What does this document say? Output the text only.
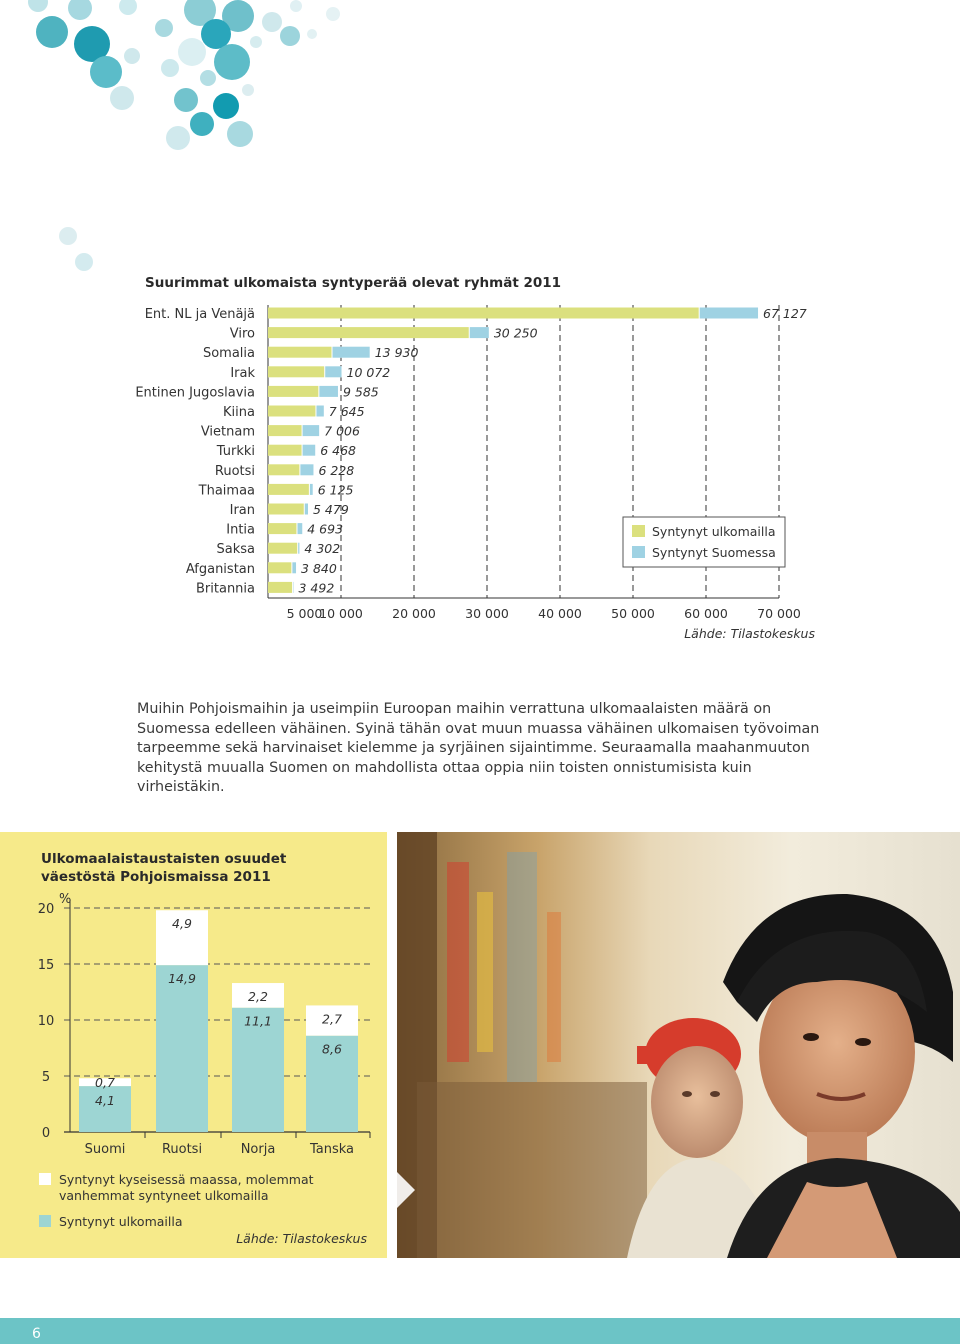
Suurimmat ulkomaista syntyperää olevat ryhmät 2011
Ent. NL ja Venäjä
Viro
Somalia
Irak
Entinen Jugoslavia
Kiina
Vietnam
Turkki
Ruotsi
Thaimaa
Iran
Intia
Saksa
Afganistan
Britannia
67 127
30 250
13 930
10 072
9 585
7 645
7 006
6 468
6 228
6 125
5 479
4 693
4 302
3 840
3 492
5 000
10 000 20 000 30 000 40 000 50 000 60 000 70 000
Syntynyt ulkomailla
Syntynyt Suomessa
Lähde: Tilastokeskus
Muihin Pohjoismaihin ja useimpiin Euroopan maihin verrattuna ulkomaalaisten määrä on Suomessa edelleen vähäinen. Syinä tähän ovat muun muassa vähäinen ulkomaisen työvoiman tarpeemme sekä harvinaiset kielemme ja syrjäinen sijaintimme. Seuraamalla maahanmuuton kehitystä muualla Suomen on mahdollista ottaa oppia niin toisten onnistumisista kuin virheistäkin.
Ulkomaalaistaustaisten osuudet väestöstä Pohjoismaissa 2011
0
5
10
15
20
%
Suomi
4,1
0,7
Ruotsi
14,9
4,9
Norja
11,1
2,2
Tanska
8,6
2,7
Syntynyt kyseisessä maassa, molemmat
vanhemmat syntyneet ulkomailla
Syntynyt ulkomailla
Lähde: Tilastokeskus
6
